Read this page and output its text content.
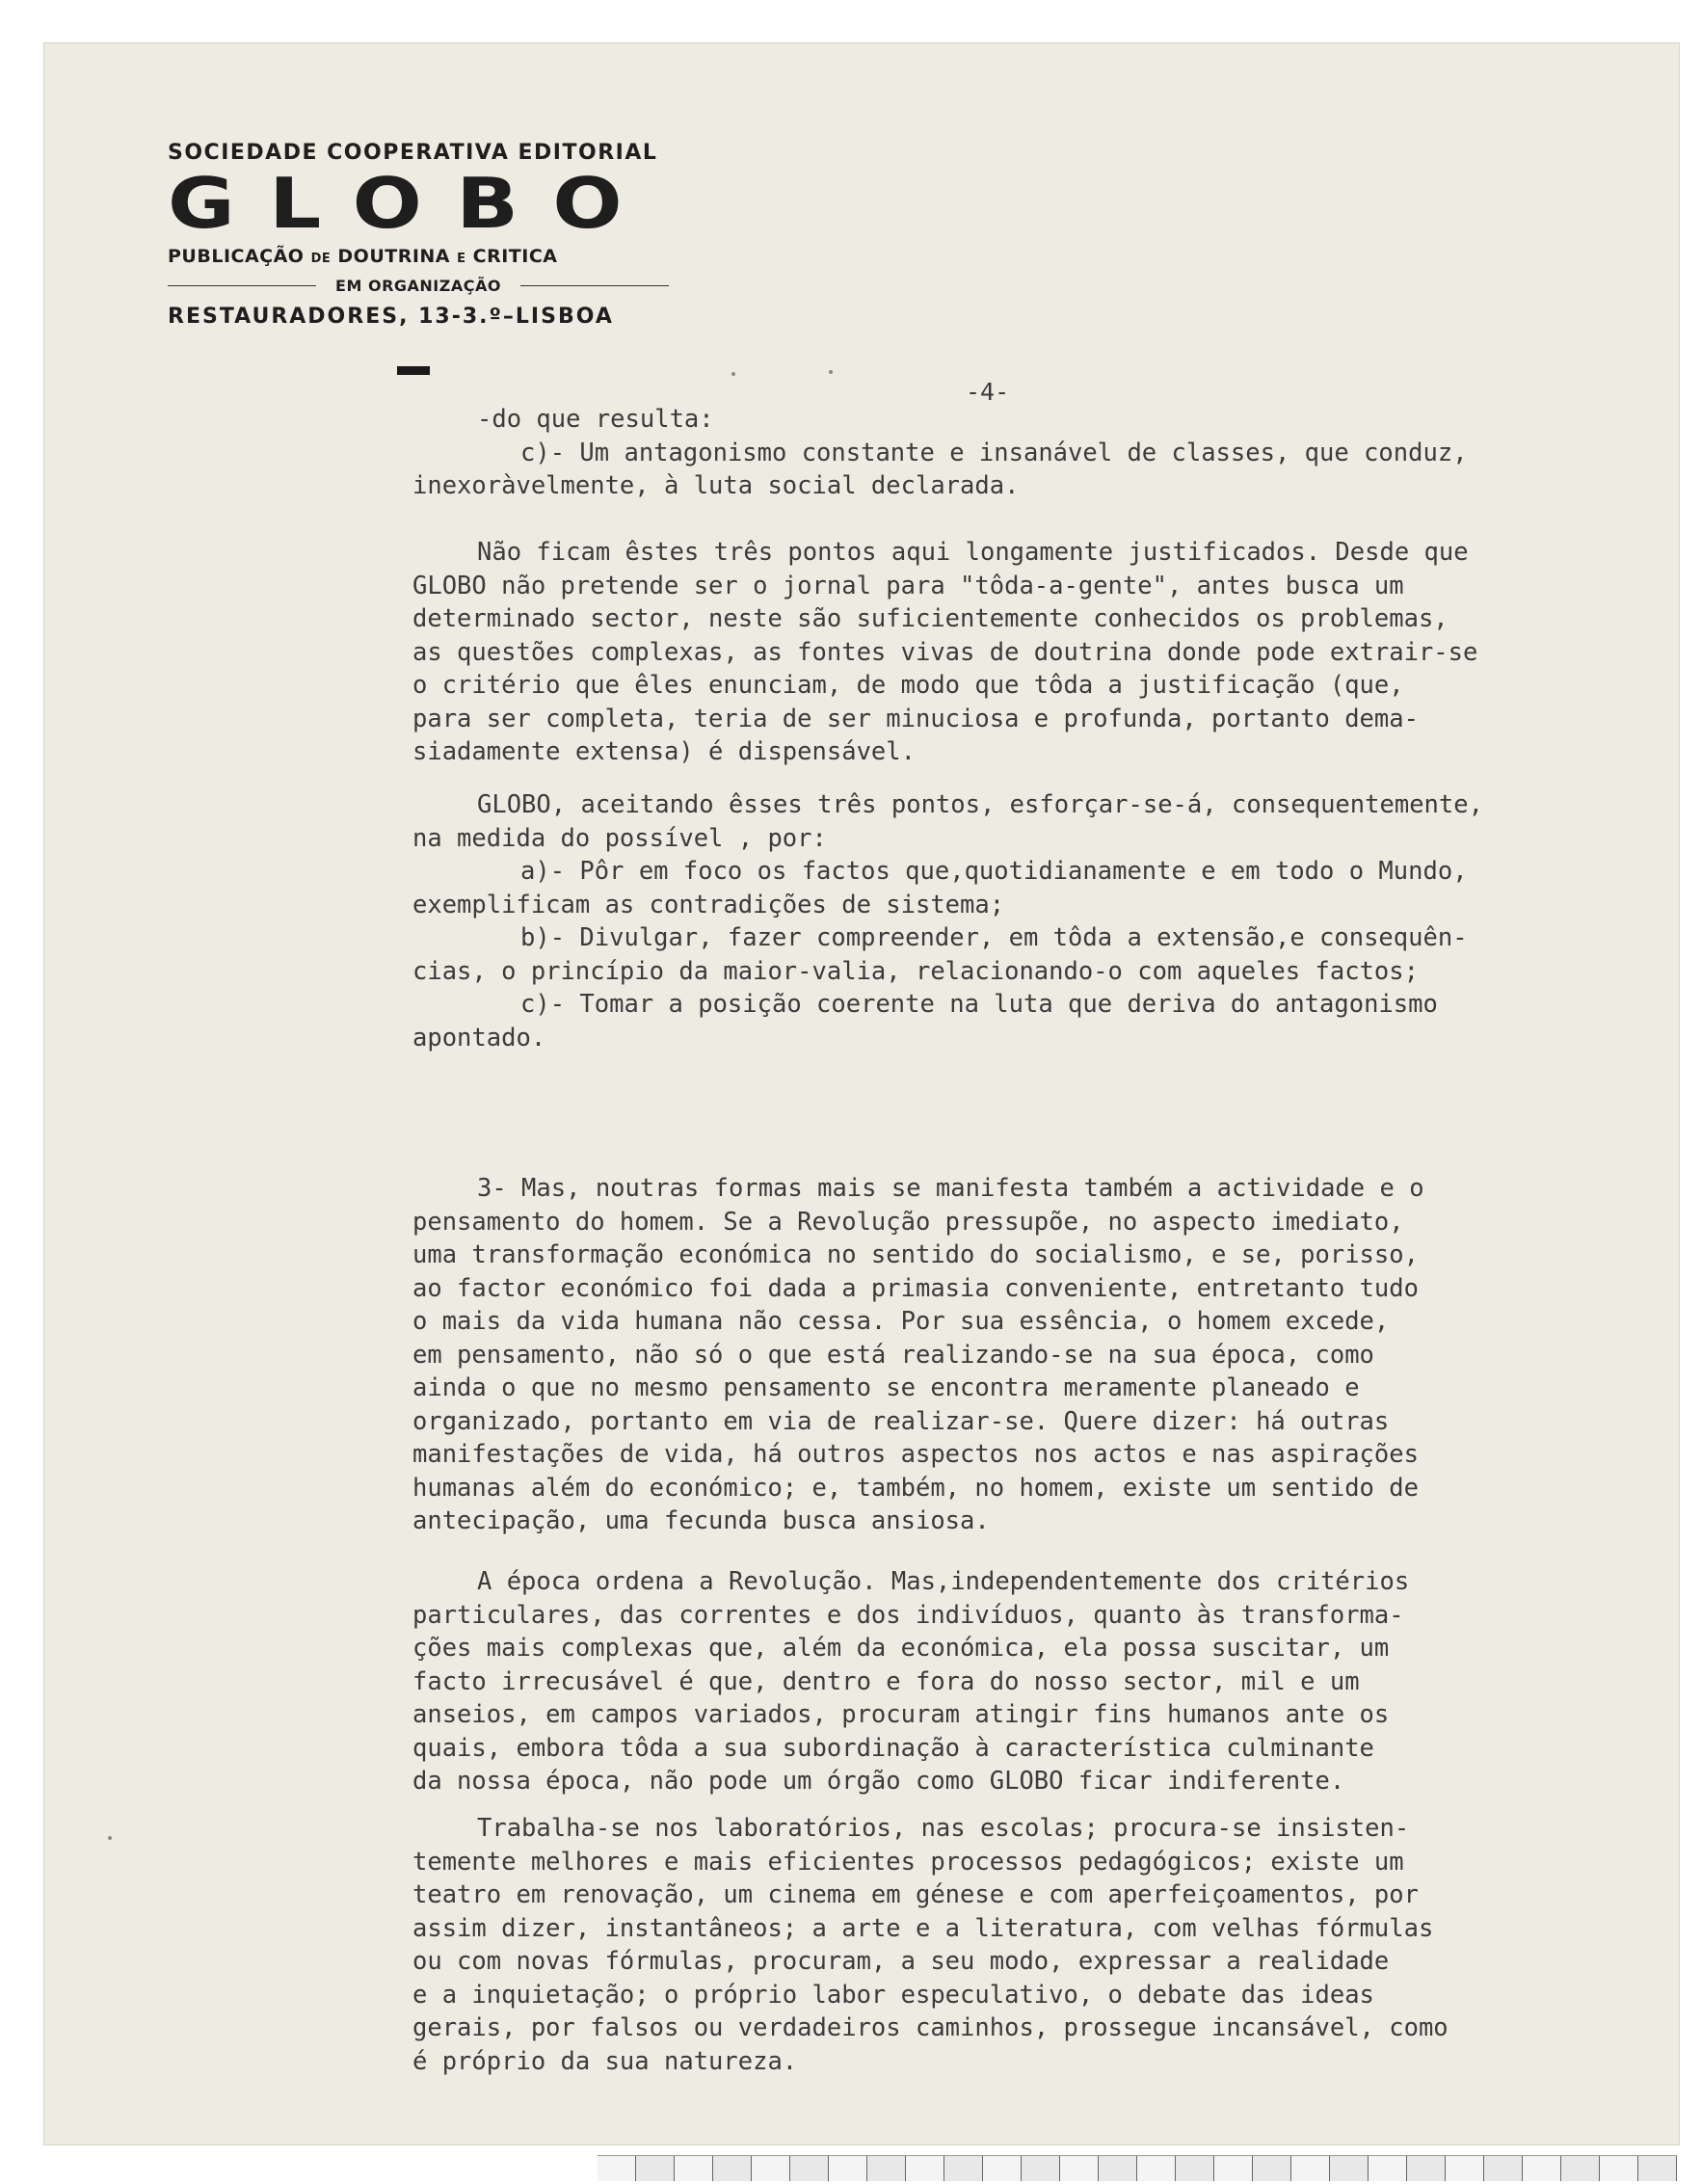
SOCIEDADE COOPERATIVA EDITORIAL
GLOBO
PUBLICAÇÃO DE DOUTRINA E CRITICA
EM ORGANIZAÇÃO
RESTAURADORES, 13-3.º–LISBOA
-4-

-do que resulta:

c)- Um antagonismo constante e insanável de classes, que conduz,

inexoràvelmente, à luta social declarada.

Não ficam êstes três pontos aqui longamente justificados. Desde que

GLOBO não pretende ser o jornal para "tôda-a-gente", antes busca um

determinado sector, neste são suficientemente conhecidos os problemas,

as questões complexas, as fontes vivas de doutrina donde pode extrair-se

o critério que êles enunciam, de modo que tôda a justificação (que,

para ser completa, teria de ser minuciosa e profunda, portanto dema-

siadamente extensa) é dispensável.

GLOBO, aceitando êsses três pontos, esforçar-se-á, consequentemente,

na medida do possível , por:

a)- Pôr em foco os factos que,quotidianamente e em todo o Mundo,

exemplificam as contradições de sistema;

b)- Divulgar, fazer compreender, em tôda a extensão,e consequên-

cias, o princípio da maior-valia, relacionando-o com aqueles factos;

c)- Tomar a posição coerente na luta que deriva do antagonismo

apontado.

3- Mas, noutras formas mais se manifesta também a actividade e o

pensamento do homem. Se a Revolução pressupõe, no aspecto imediato,

uma transformação económica no sentido do socialismo, e se, porisso,

ao factor económico foi dada a primasia conveniente, entretanto tudo

o mais da vida humana não cessa. Por sua essência, o homem excede,

em pensamento, não só o que está realizando-se na sua época, como

ainda o que no mesmo pensamento se encontra meramente planeado e

organizado, portanto em via de realizar-se. Quere dizer: há outras

manifestações de vida, há outros aspectos nos actos e nas aspirações

humanas além do económico; e, também, no homem, existe um sentido de

antecipação, uma fecunda busca ansiosa.

A época ordena a Revolução. Mas,independentemente dos critérios

particulares, das correntes e dos indivíduos, quanto às transforma-

ções mais complexas que, além da económica, ela possa suscitar, um

facto irrecusável é que, dentro e fora do nosso sector, mil e um

anseios, em campos variados, procuram atingir fins humanos ante os

quais, embora tôda a sua subordinação à característica culminante

da nossa época, não pode um órgão como GLOBO ficar indiferente.

Trabalha-se nos laboratórios, nas escolas; procura-se insisten-

temente melhores e mais eficientes processos pedagógicos; existe um

teatro em renovação, um cinema em génese e com aperfeiçoamentos, por

assim dizer, instantâneos; a arte e a literatura, com velhas fórmulas

ou com novas fórmulas, procuram, a seu modo, expressar a realidade

e a inquietação; o próprio labor especulativo, o debate das ideas

gerais, por falsos ou verdadeiros caminhos, prossegue incansável, como

é próprio da sua natureza.
